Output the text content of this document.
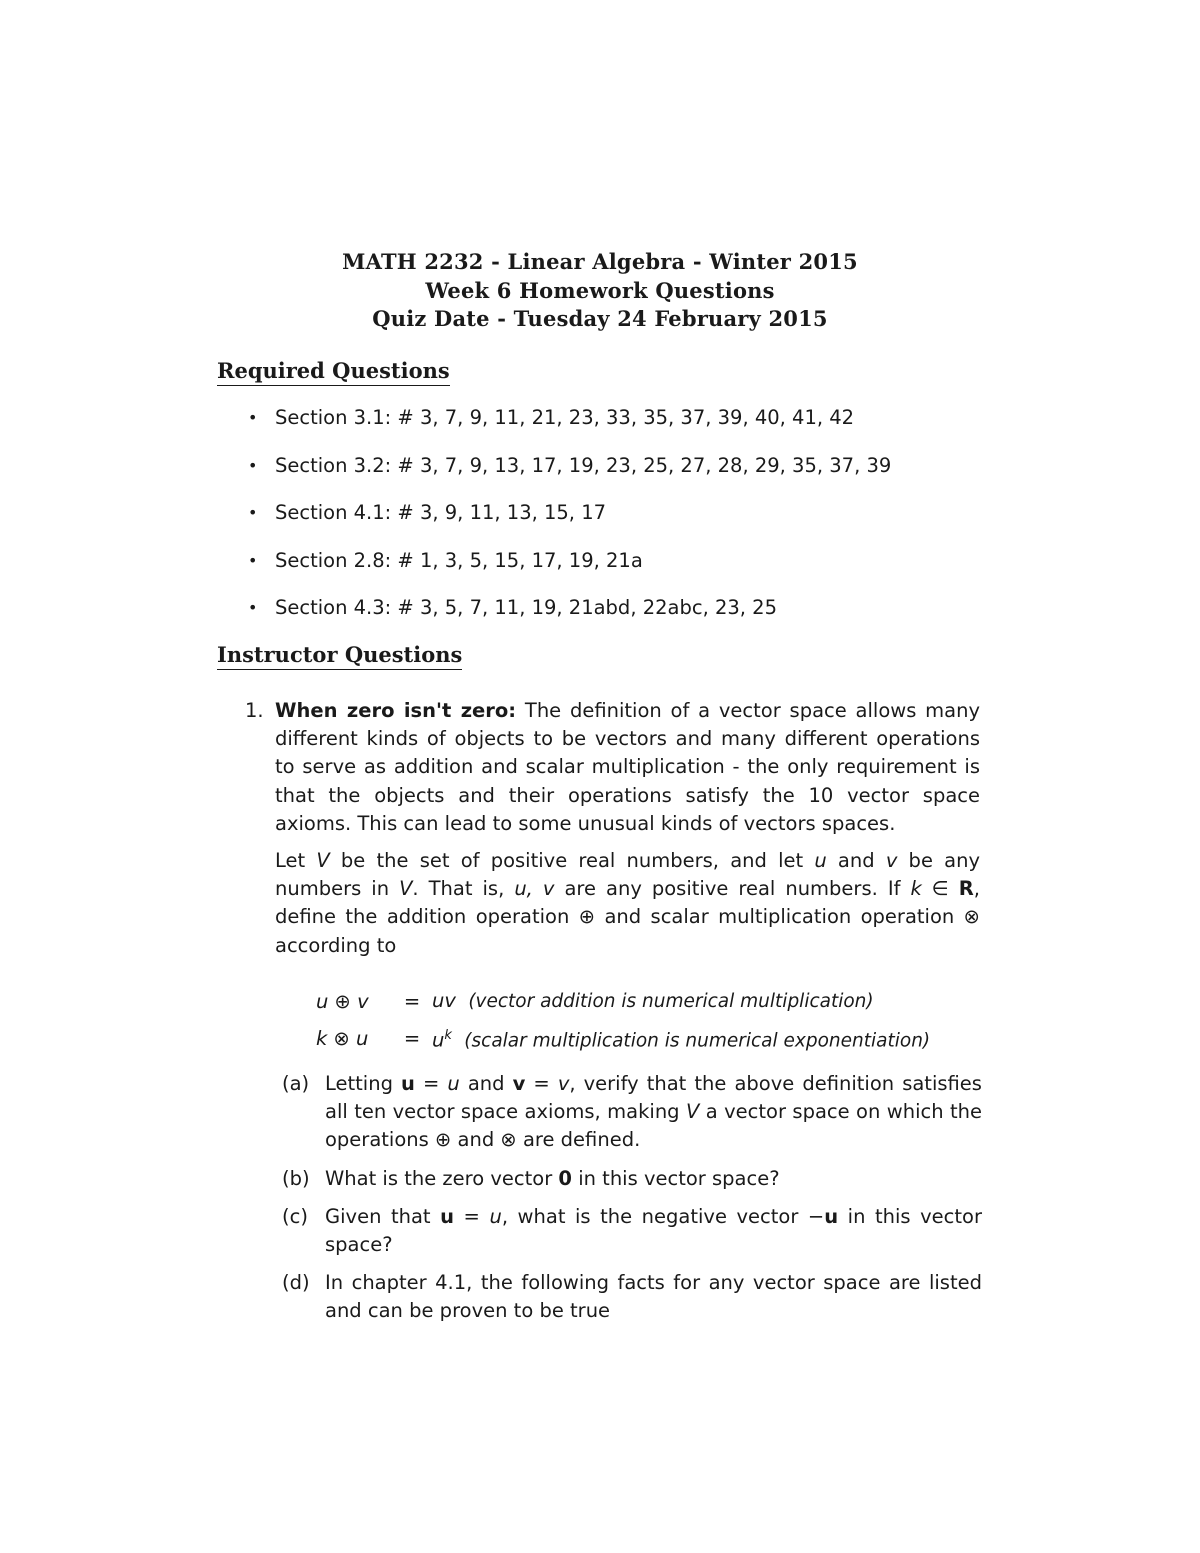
MATH 2232 - Linear Algebra - Winter 2015
Week 6 Homework Questions
Quiz Date - Tuesday 24 February 2015
Required Questions
• Section 3.1: # 3, 7, 9, 11, 21, 23, 33, 35, 37, 39, 40, 41, 42
• Section 3.2: # 3, 7, 9, 13, 17, 19, 23, 25, 27, 28, 29, 35, 37, 39
• Section 4.1: # 3, 9, 11, 13, 15, 17
• Section 2.8: # 1, 3, 5, 15, 17, 19, 21a
• Section 4.3: # 3, 5, 7, 11, 19, 21abd, 22abc, 23, 25
Instructor Questions
1. When zero isn't zero: The definition of a vector space allows many different kinds of objects to be vectors and many different operations to serve as addition and scalar multiplication - the only requirement is that the objects and their operations satisfy the 10 vector space axioms. This can lead to some unusual kinds of vectors spaces.

Let V be the set of positive real numbers, and let u and v be any numbers in V. That is, u, v are any positive real numbers. If k ∈ R, define the addition operation ⊕ and scalar multiplication operation ⊗ according to

u ⊕ v	=	uv (vector addition is numerical multiplication)
k ⊗ u	=	$u^k$ (scalar multiplication is numerical exponentiation)
(a) Letting u = u and v = v, verify that the above definition satisfies all ten vector space axioms, making V a vector space on which the operations ⊕ and ⊗ are defined.
(b) What is the zero vector 0 in this vector space?
(c) Given that u = u, what is the negative vector −u in this vector space?
(d) In chapter 4.1, the following facts for any vector space are listed and can be proven to be true
